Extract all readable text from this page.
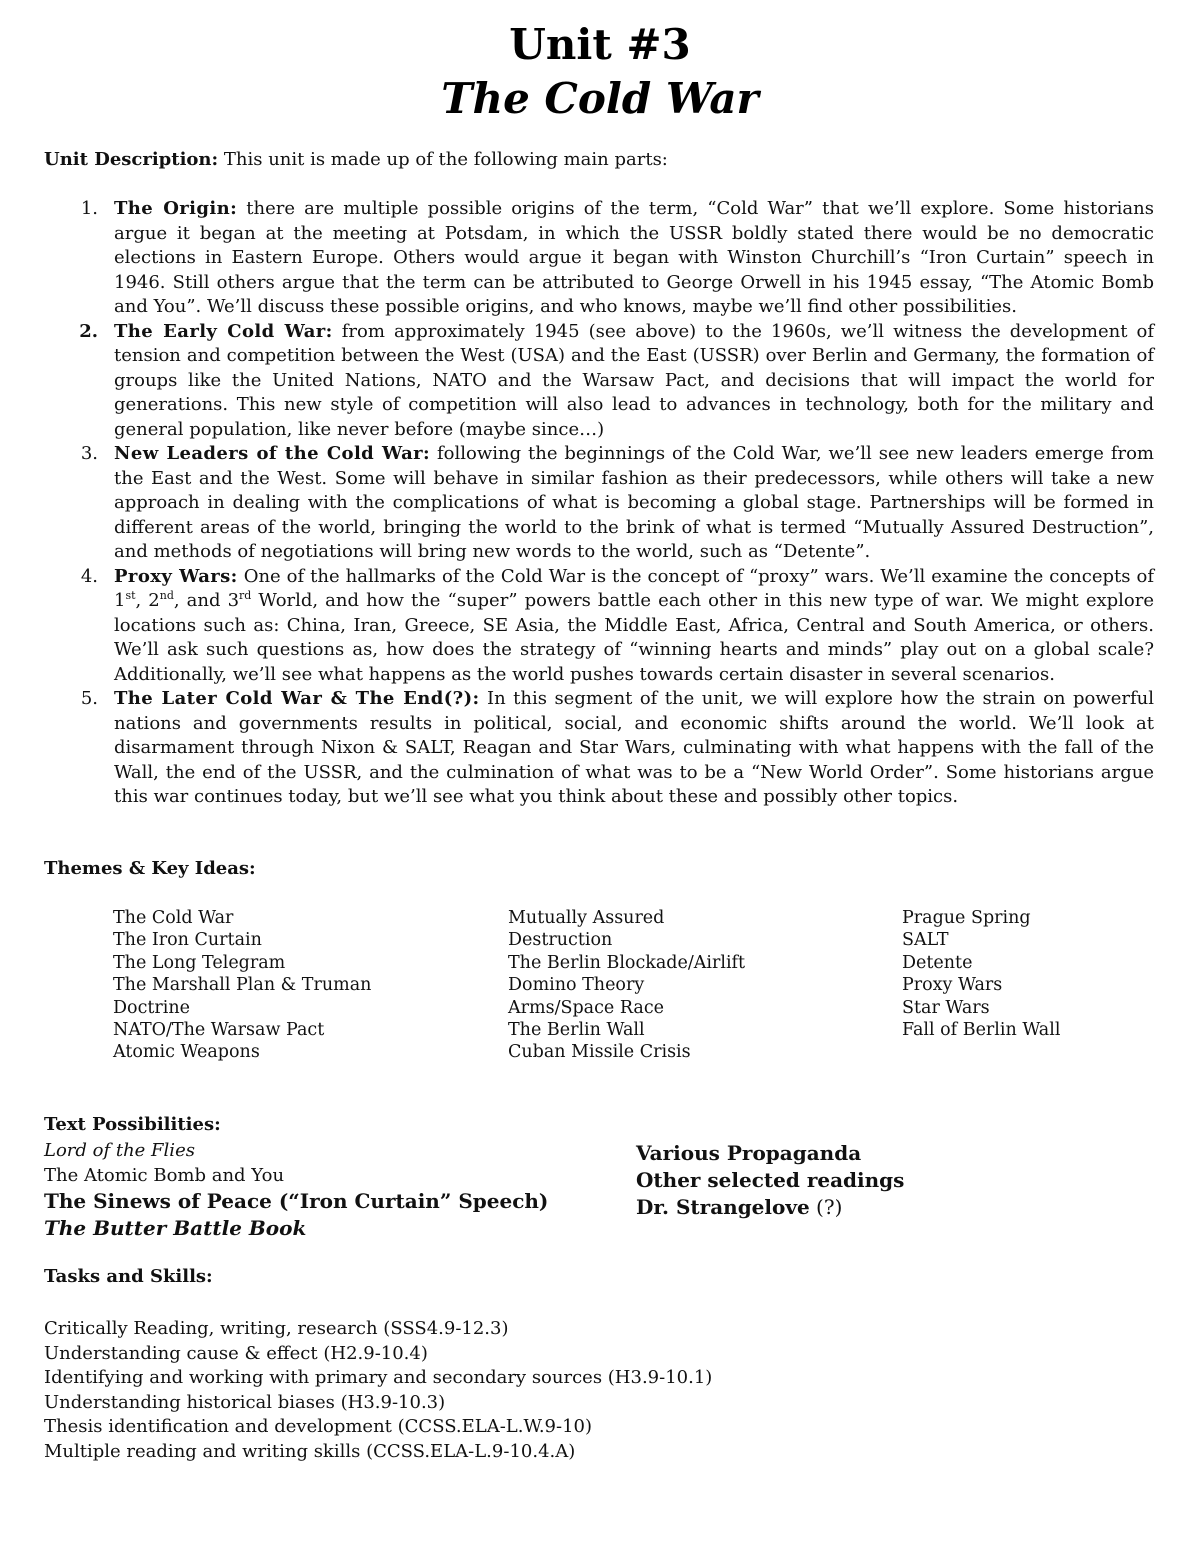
Unit #3
The Cold War
Unit Description: This unit is made up of the following main parts:
1. The Origin: there are multiple possible origins of the term, “Cold War” that we’ll explore. Some historians argue it began at the meeting at Potsdam, in which the USSR boldly stated there would be no democratic elections in Eastern Europe. Others would argue it began with Winston Churchill’s “Iron Curtain” speech in 1946. Still others argue that the term can be attributed to George Orwell in his 1945 essay, “The Atomic Bomb and You”. We’ll discuss these possible origins, and who knows, maybe we’ll find other possibilities.
2. The Early Cold War: from approximately 1945 (see above) to the 1960s, we’ll witness the development of tension and competition between the West (USA) and the East (USSR) over Berlin and Germany, the formation of groups like the United Nations, NATO and the Warsaw Pact, and decisions that will impact the world for generations. This new style of competition will also lead to advances in technology, both for the military and general population, like never before (maybe since…)
3. New Leaders of the Cold War: following the beginnings of the Cold War, we’ll see new leaders emerge from the East and the West. Some will behave in similar fashion as their predecessors, while others will take a new approach in dealing with the complications of what is becoming a global stage. Partnerships will be formed in different areas of the world, bringing the world to the brink of what is termed “Mutually Assured Destruction”, and methods of negotiations will bring new words to the world, such as “Detente”.
4. Proxy Wars: One of the hallmarks of the Cold War is the concept of “proxy” wars. We’ll examine the concepts of 1st, 2nd, and 3rd World, and how the “super” powers battle each other in this new type of war. We might explore locations such as: China, Iran, Greece, SE Asia, the Middle East, Africa, Central and South America, or others. We’ll ask such questions as, how does the strategy of “winning hearts and minds” play out on a global scale? Additionally, we’ll see what happens as the world pushes towards certain disaster in several scenarios.
5. The Later Cold War & The End(?): In this segment of the unit, we will explore how the strain on powerful nations and governments results in political, social, and economic shifts around the world. We’ll look at disarmament through Nixon & SALT, Reagan and Star Wars, culminating with what happens with the fall of the Wall, the end of the USSR, and the culmination of what was to be a “New World Order”. Some historians argue this war continues today, but we’ll see what you think about these and possibly other topics.
Themes & Key Ideas:
The Cold War
The Iron Curtain
The Long Telegram
The Marshall Plan & Truman
Doctrine
NATO/The Warsaw Pact
Atomic Weapons
Mutually Assured
Destruction
The Berlin Blockade/Airlift
Domino Theory
Arms/Space Race
The Berlin Wall
Cuban Missile Crisis
Prague Spring
SALT
Detente
Proxy Wars
Star Wars
Fall of Berlin Wall
Text Possibilities:
Lord of the Flies
The Atomic Bomb and You
The Sinews of Peace (“Iron Curtain” Speech)
The Butter Battle Book
Various Propaganda
Other selected readings
Dr. Strangelove (?)
Tasks and Skills:
Critically Reading, writing, research (SSS4.9-12.3)
Understanding cause & effect (H2.9-10.4)
Identifying and working with primary and secondary sources (H3.9-10.1)
Understanding historical biases (H3.9-10.3)
Thesis identification and development (CCSS.ELA-L.W.9-10)
Multiple reading and writing skills (CCSS.ELA-L.9-10.4.A)
